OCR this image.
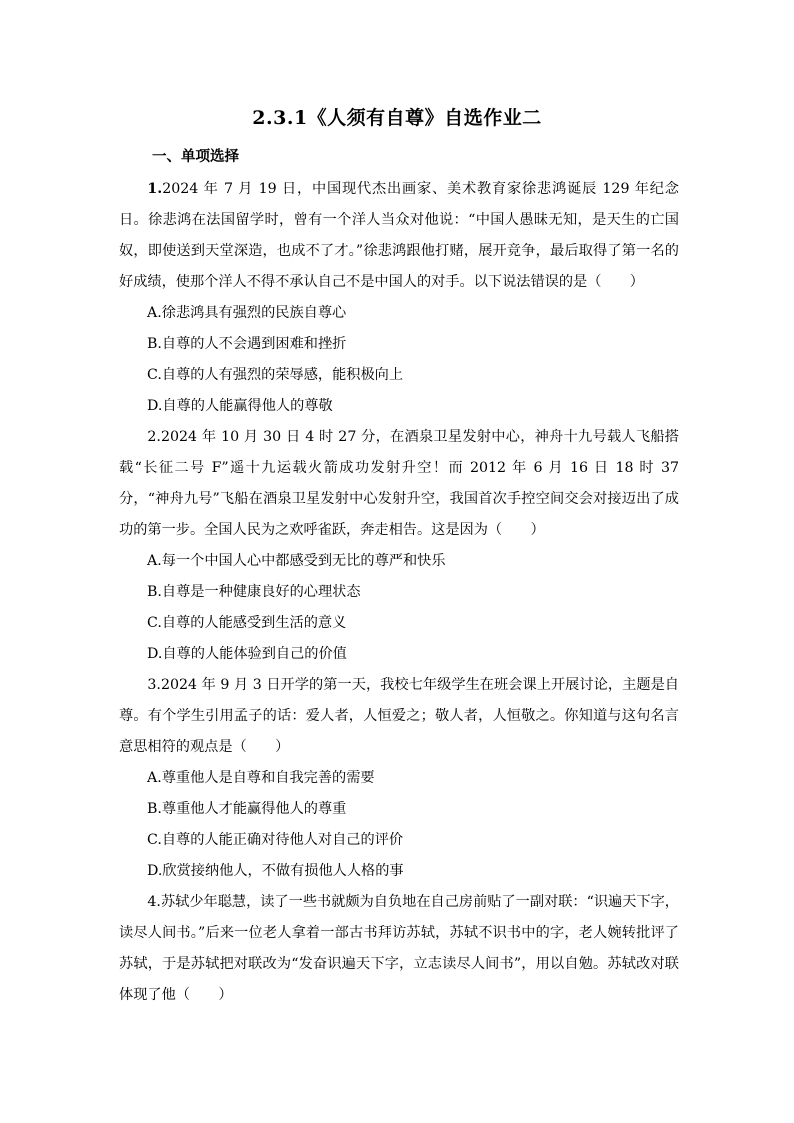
2.3.1《人须有自尊》自选作业二
一、单项选择

1.2024 年 7 月 19 日，中国现代杰出画家、美术教育家徐悲鸿诞辰 129 年纪念日。徐悲鸿在法国留学时，曾有一个洋人当众对他说：“中国人愚昧无知，是天生的亡国奴，即使送到天堂深造，也成不了才。”徐悲鸿跟他打赌，展开竞争，最后取得了第一名的好成绩，使那个洋人不得不承认自己不是中国人的对手。以下说法错误的是（　　）

A.徐悲鸿具有强烈的民族自尊心

B.自尊的人不会遇到困难和挫折

C.自尊的人有强烈的荣辱感，能积极向上

D.自尊的人能赢得他人的尊敬

2.2024 年 10 月 30 日 4 时 27 分，在酒泉卫星发射中心，神舟十九号载人飞船搭载“长征二号 F”遥十九运载火箭成功发射升空！而 2012 年 6 月 16 日 18 时 37 分，“神舟九号”飞船在酒泉卫星发射中心发射升空，我国首次手控空间交会对接迈出了成功的第一步。全国人民为之欢呼雀跃，奔走相告。这是因为（　　）

A.每一个中国人心中都感受到无比的尊严和快乐

B.自尊是一种健康良好的心理状态

C.自尊的人能感受到生活的意义

D.自尊的人能体验到自己的价值

3.2024 年 9 月 3 日开学的第一天，我校七年级学生在班会课上开展讨论，主题是自尊。有个学生引用孟子的话：爱人者，人恒爱之；敬人者，人恒敬之。你知道与这句名言意思相符的观点是（　　）

A.尊重他人是自尊和自我完善的需要

B.尊重他人才能赢得他人的尊重

C.自尊的人能正确对待他人对自己的评价

D.欣赏接纳他人，不做有损他人人格的事

4.苏轼少年聪慧，读了一些书就颇为自负地在自己房前贴了一副对联：“识遍天下字，读尽人间书。”后来一位老人拿着一部古书拜访苏轼，苏轼不识书中的字，老人婉转批评了苏轼，于是苏轼把对联改为“发奋识遍天下字，立志读尽人间书”，用以自勉。苏轼改对联体现了他（　　）
